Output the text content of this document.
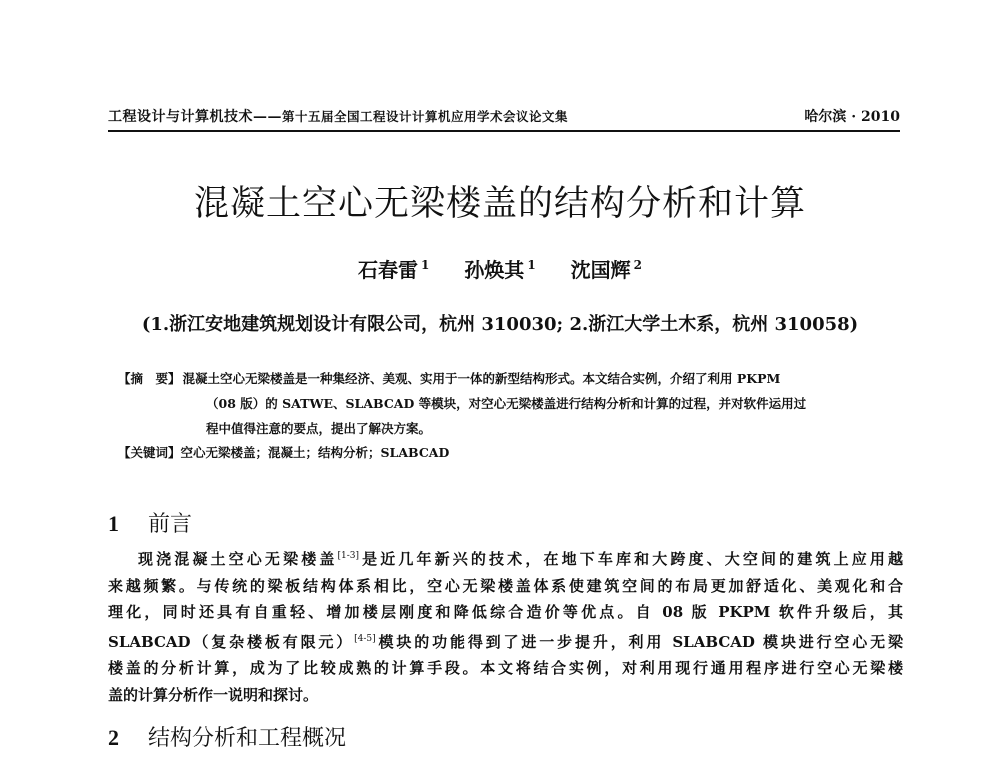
工程设计与计算机技术——第十五届全国工程设计计算机应用学术会议论文集	哈尔滨 · 2010
混凝土空心无梁楼盖的结构分析和计算
石春雷 $^1$ 孙焕其 $^1$ 沈国辉 $^2$
(1.浙江安地建筑规划设计有限公司，杭州 310030; 2.浙江大学土木系，杭州 310058)
【摘　要】 混凝土空心无梁楼盖是一种集经济、美观、实用于一体的新型结构形式。本文结合实例，介绍了利用 PKPM
（08 版）的 SATWE、SLABCAD 等模块，对空心无梁楼盖进行结构分析和计算的过程，并对软件运用过
程中值得注意的要点，提出了解决方案。
【关键词】空心无梁楼盖；混凝土；结构分析；SLABCAD
1 前言
现浇混凝土空心无梁楼盖[1-3]是近几年新兴的技术，在地下车库和大跨度、大空间的建筑上应用越
来越频繁。与传统的梁板结构体系相比，空心无梁楼盖体系使建筑空间的布局更加舒适化、美观化和合
理化，同时还具有自重轻、增加楼层刚度和降低综合造价等优点。自 08 版 PKPM 软件升级后，其
SLABCAD（复杂楼板有限元）[4-5]模块的功能得到了进一步提升，利用 SLABCAD 模块进行空心无梁
楼盖的分析计算，成为了比较成熟的计算手段。本文将结合实例，对利用现行通用程序进行空心无梁楼
盖的计算分析作一说明和探讨。
2 结构分析和工程概况
